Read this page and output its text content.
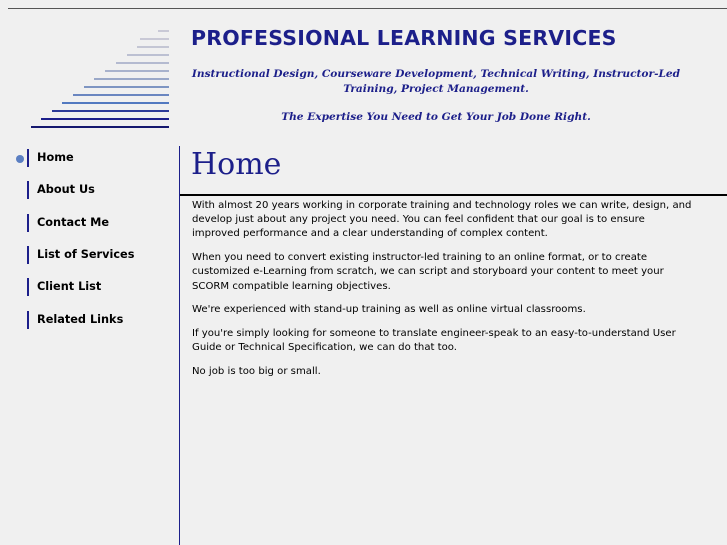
PROFESSIONAL LEARNING SERVICES
Instructional Design, Courseware Development, Technical Writing, Instructor-Led Training, Project Management.
The Expertise You Need to Get Your Job Done Right.
Home
About Us
Contact Me
List of Services
Client List
Related Links
Home

With almost 20 years working in corporate training and technology roles we can write, design, and develop just about any project you need. You can feel confident that our goal is to ensure improved performance and a clear understanding of complex content.

When you need to convert existing instructor-led training to an online format, or to create customized e-Learning from scratch, we can script and storyboard your content to meet your SCORM compatible learning objectives.

We're experienced with stand-up training as well as online virtual classrooms.

If you're simply looking for someone to translate engineer-speak to an easy-to-understand User Guide or Technical Specification, we can do that too.

No job is too big or small.
